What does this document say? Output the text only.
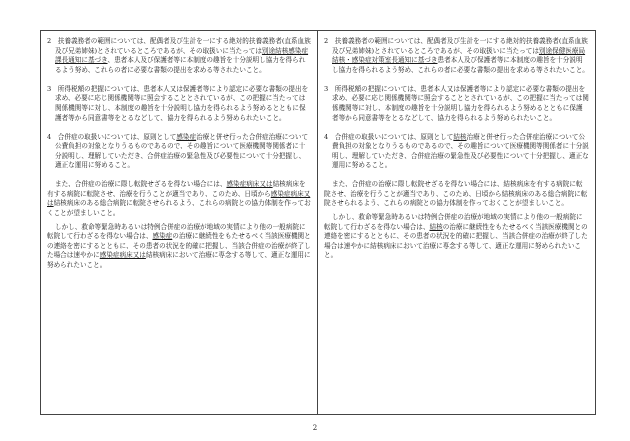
2　扶養義務者の範囲については、配偶者及び生計を一にする絶対的扶養義務者(直系血族及び兄弟姉妹)とされているところであるが、その取扱いに当たっては別途結核感染症課長通知に基づき、患者本人及び保護者等に本制度の趣旨を十分説明し協力を得られるよう努め、これらの者に必要な書類の提出を求める等されたいこと。

3　所得税額の把握については、患者本人又は保護者等により認定に必要な書類の提出を求め、必要に応じ関係機関等に照会することとされているが、この把握に当たっては関係機関等に対し、本制度の趣旨を十分説明し協力を得られるよう努めるとともに保護者等から同意書等をとるなどして、協力を得られるよう努められたいこと。

4　合併症の取扱いについては、原則として感染症治療と併せ行った合併症治療について公費負担の対象となりうるものであるので、その趣旨について医療機関等関係者に十分説明し、理解していただき、合併症治療の緊急性及び必要性について十分把握し、適正な運用に努めること。

また、合併症の治療に際し転院せざるを得ない場合には、感染症病床又は結核病床を有する病院に転院させ、治療を行うことが適当であり、このため、日頃から感染症病床又は結核病床のある総合病院に転院させられるよう、これらの病院との協力体制を作っておくことが望ましいこと。

しかし、救命等緊急時あるいは特例合併症の治療が地域の実情により他の一般病院に転院して行わざるを得ない場合は、感染症の治療に継続性をもたせるべく当該医療機関との連絡を密にするとともに、その患者の状況を的確に把握し、当該合併症の治療が終了した場合は速やかに感染症病床又は結核病床において治療に専念する等して、適正な運用に努められたいこと。

2　扶養義務者の範囲については、配偶者及び生計を一にする絶対的扶養義務者(直系血族及び兄弟姉妹)とされているところであるが、その取扱いに当たっては別途保健医療局結核・感染症対策室長通知に基づき患者本人及び保護者等に本制度の趣旨を十分説明し協力を得られるよう努め、これらの者に必要な書類の提出を求める等されたいこと。

3　所得税額の把握については、患者本人又は保護者等により認定に必要な書類の提出を求め、必要に応じ関係機関等に照会することとされているが、この把握に当たっては関係機関等に対し、本制度の趣旨を十分説明し協力を得られるよう努めるとともに保護者等から同意書等をとるなどして、協力を得られるよう努められたいこと。

4　合併症の取扱いについては、原則として結核治療と併せ行った合併症治療について公費負担の対象となりうるものであるので、その趣旨について医療機関等関係者に十分説明し、理解していただき、合併症治療の緊急性及び必要性について十分把握し、適正な運用に努めること。

また、合併症の治療に際し転院せざるを得ない場合には、結核病床を有する病院に転院させ、治療を行うことが適当であり、このため、日頃から結核病床のある総合病院に転院させられるよう、これらの病院との協力体制を作っておくことが望ましいこと。

しかし、救命等緊急時あるいは特例合併症の治療が地域の実情により他の一般病院に転院して行わざるを得ない場合は、結核の治療に継続性をもたせるべく当該医療機関との連絡を密にするとともに、その患者の状況を的確に把握し、当該合併症の治療が終了した場合は速やかに結核病床において治療に専念する等して、適正な運用に努められたいこと。

2
